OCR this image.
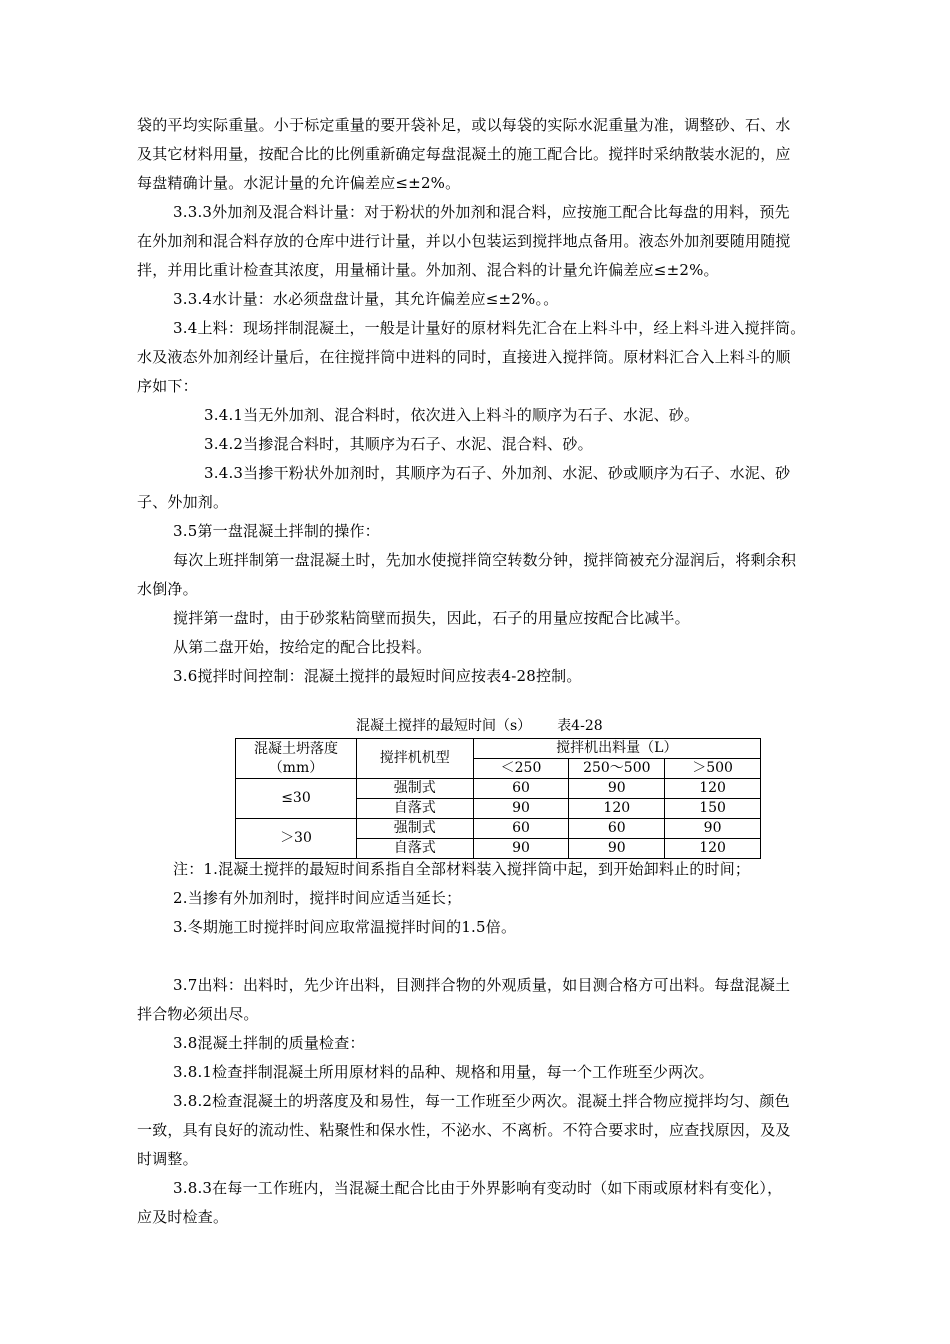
袋的平均实际重量。小于标定重量的要开袋补足，或以每袋的实际水泥重量为准，调整砂、石、水

及其它材料用量，按配合比的比例重新确定每盘混凝土的施工配合比。搅拌时采纳散装水泥的，应

每盘精确计量。水泥计量的允许偏差应≤±2%。

3.3.3外加剂及混合料计量：对于粉状的外加剂和混合料，应按施工配合比每盘的用料，预先

在外加剂和混合料存放的仓库中进行计量，并以小包装运到搅拌地点备用。液态外加剂要随用随搅

拌，并用比重计检查其浓度，用量桶计量。外加剂、混合料的计量允许偏差应≤±2%。

3.3.4水计量：水必须盘盘计量，其允许偏差应≤±2%。。

3.4上料：现场拌制混凝土，一般是计量好的原材料先汇合在上料斗中，经上料斗进入搅拌筒。

水及液态外加剂经计量后，在往搅拌筒中进料的同时，直接进入搅拌筒。原材料汇合入上料斗的顺

序如下：

3.4.1当无外加剂、混合料时，依次进入上料斗的顺序为石子、水泥、砂。

3.4.2当掺混合料时，其顺序为石子、水泥、混合料、砂。

3.4.3当掺干粉状外加剂时，其顺序为石子、外加剂、水泥、砂或顺序为石子、水泥、砂

子、外加剂。

3.5第一盘混凝土拌制的操作：

每次上班拌制第一盘混凝土时，先加水使搅拌筒空转数分钟，搅拌筒被充分湿润后，将剩余积

水倒净。

搅拌第一盘时，由于砂浆粘筒壁而损失，因此，石子的用量应按配合比减半。

从第二盘开始，按给定的配合比投料。

3.6搅拌时间控制：混凝土搅拌的最短时间应按表4-28控制。

混凝土搅拌的最短时间（s） 表4-28
混凝土坍落度（mm）	搅拌机机型	搅拌机出料量（L）		
		＜250	250～500	＞500
≤30	强制式	60	90	120
	自落式	90	120	150
＞30	强制式	60	60	90
	自落式	90	90	120

注：1.混凝土搅拌的最短时间系指自全部材料装入搅拌筒中起，到开始卸料止的时间；

2.当掺有外加剂时，搅拌时间应适当延长；

3.冬期施工时搅拌时间应取常温搅拌时间的1.5倍。

3.7出料：出料时，先少许出料，目测拌合物的外观质量，如目测合格方可出料。每盘混凝土

拌合物必须出尽。

3.8混凝土拌制的质量检查：

3.8.1检查拌制混凝土所用原材料的品种、规格和用量，每一个工作班至少两次。

3.8.2检查混凝土的坍落度及和易性，每一工作班至少两次。混凝土拌合物应搅拌均匀、颜色

一致，具有良好的流动性、粘聚性和保水性，不泌水、不离析。不符合要求时，应查找原因，及及

时调整。

3.8.3在每一工作班内，当混凝土配合比由于外界影响有变动时（如下雨或原材料有变化），

应及时检查。
